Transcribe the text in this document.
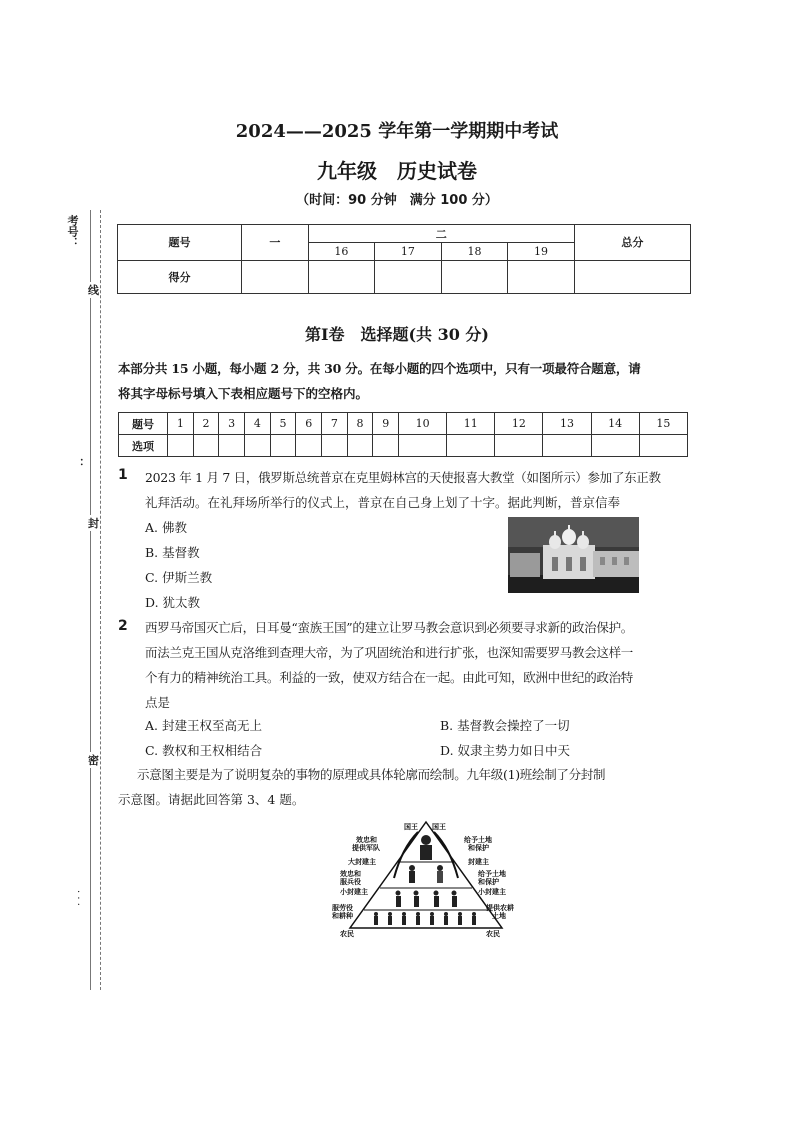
2024——2025 学年第一学期期中考试
九年级　历史试卷
（时间：90 分钟　满分 100 分）
考号：
线
：
封
密
· · ·
题号	一	二				总分
		16	17	18	19	
得分						
第Ⅰ卷　选择题(共 30 分)
本部分共 15 小题，每小题 2 分，共 30 分。在每小题的四个选项中，只有一项最符合题意，请
将其字母标号填入下表相应题号下的空格内。
题号	1	2	3	4	5	6	7	8	9	10	11	12	13	14	15
选项															
1 2023 年 1 月 7 日，俄罗斯总统普京在克里姆林宫的天使报喜大教堂（如图所示）参加了东正教
礼拜活动。在礼拜场所举行的仪式上，普京在自己身上划了十字。据此判断，普京信奉
A. 佛教
B. 基督教
C. 伊斯兰教
D. 犹太教
2 西罗马帝国灭亡后，日耳曼“蛮族王国”的建立让罗马教会意识到必须要寻求新的政治保护。
而法兰克王国从克洛维到查理大帝，为了巩固统治和进行扩张，也深知需要罗马教会这样一
个有力的精神统治工具。利益的一致，使双方结合在一起。由此可知，欧洲中世纪的政治特
点是
A. 封建王权至高无上	B. 基督教会操控了一切
C. 教权和王权相结合	D. 奴隶主势力如日中天
示意图主要是为了说明复杂的事物的原理或具体轮廓而绘制。九年级(1)班绘制了分封制
示意图。请据此回答第 3、4 题。
国王 国王
效忠和
提供军队
大封建主
效忠和
服兵役
小封建主
服劳役
和耕种
农民
给予土地
和保护
封建主
给予土地
和保护
小封建主
提供农耕
土地
农民
